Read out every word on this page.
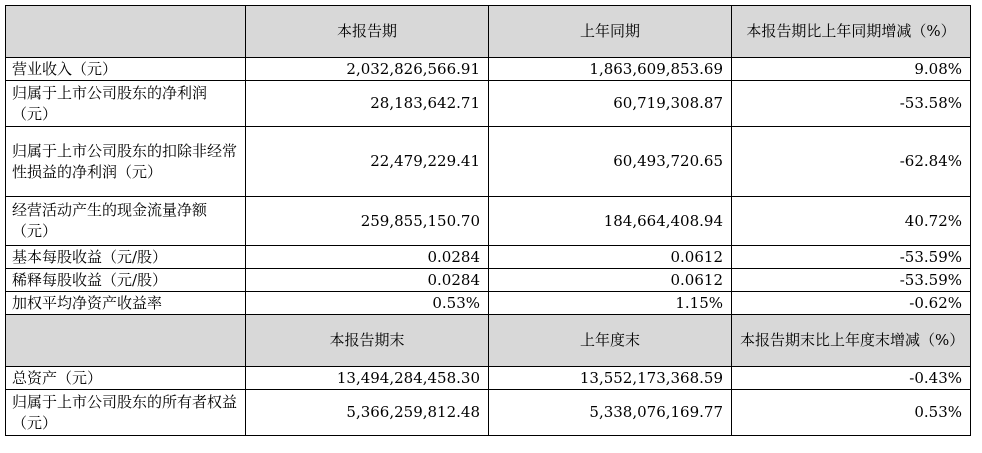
	本报告期	上年同期	本报告期比上年同期增减（%）
营业收入（元）	2,032,826,566.91	1,863,609,853.69	9.08%
归属于上市公司股东的净利润（元）	28,183,642.71	60,719,308.87	-53.58%
归属于上市公司股东的扣除非经常性损益的净利润（元）	22,479,229.41	60,493,720.65	-62.84%
经营活动产生的现金流量净额（元）	259,855,150.70	184,664,408.94	40.72%
基本每股收益（元/股）	0.0284	0.0612	-53.59%
稀释每股收益（元/股）	0.0284	0.0612	-53.59%
加权平均净资产收益率	0.53%	1.15%	-0.62%
	本报告期末	上年度末	本报告期末比上年度末增减（%）
总资产（元）	13,494,284,458.30	13,552,173,368.59	-0.43%
归属于上市公司股东的所有者权益（元）	5,366,259,812.48	5,338,076,169.77	0.53%
